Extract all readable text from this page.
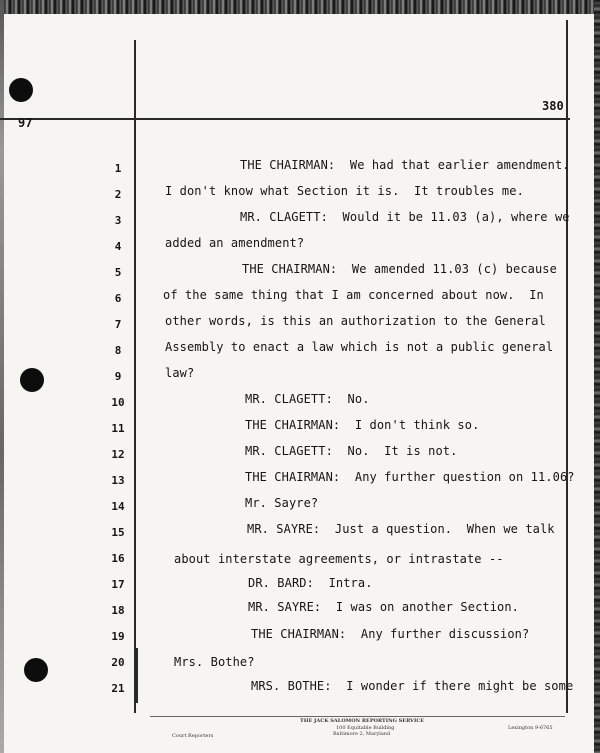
97
380
1
2
3
4
5
6
7
8
9
10
11
12
13
14
15
16
17
18
19
20
21
THE CHAIRMAN:  We had that earlier amendment.
I don't know what Section it is.  It troubles me.
MR. CLAGETT:  Would it be 11.03 (a), where we
added an amendment?
THE CHAIRMAN:  We amended 11.03 (c) because
of the same thing that I am concerned about now.  In
other words, is this an authorization to the General
Assembly to enact a law which is not a public general
law?
MR. CLAGETT:  No.
THE CHAIRMAN:  I don't think so.
MR. CLAGETT:  No.  It is not.
THE CHAIRMAN:  Any further question on 11.06?
Mr. Sayre?
MR. SAYRE:  Just a question.  When we talk
about interstate agreements, or intrastate --
DR. BARD:  Intra.
MR. SAYRE:  I was on another Section.
THE CHAIRMAN:  Any further discussion?
Mrs. Bothe?
MRS. BOTHE:  I wonder if there might be some
Court Reporters
THE JACK SALOMON REPORTING SERVICE
100 Equitable Building
Baltimore 2, Maryland
Lexington 9-6765
